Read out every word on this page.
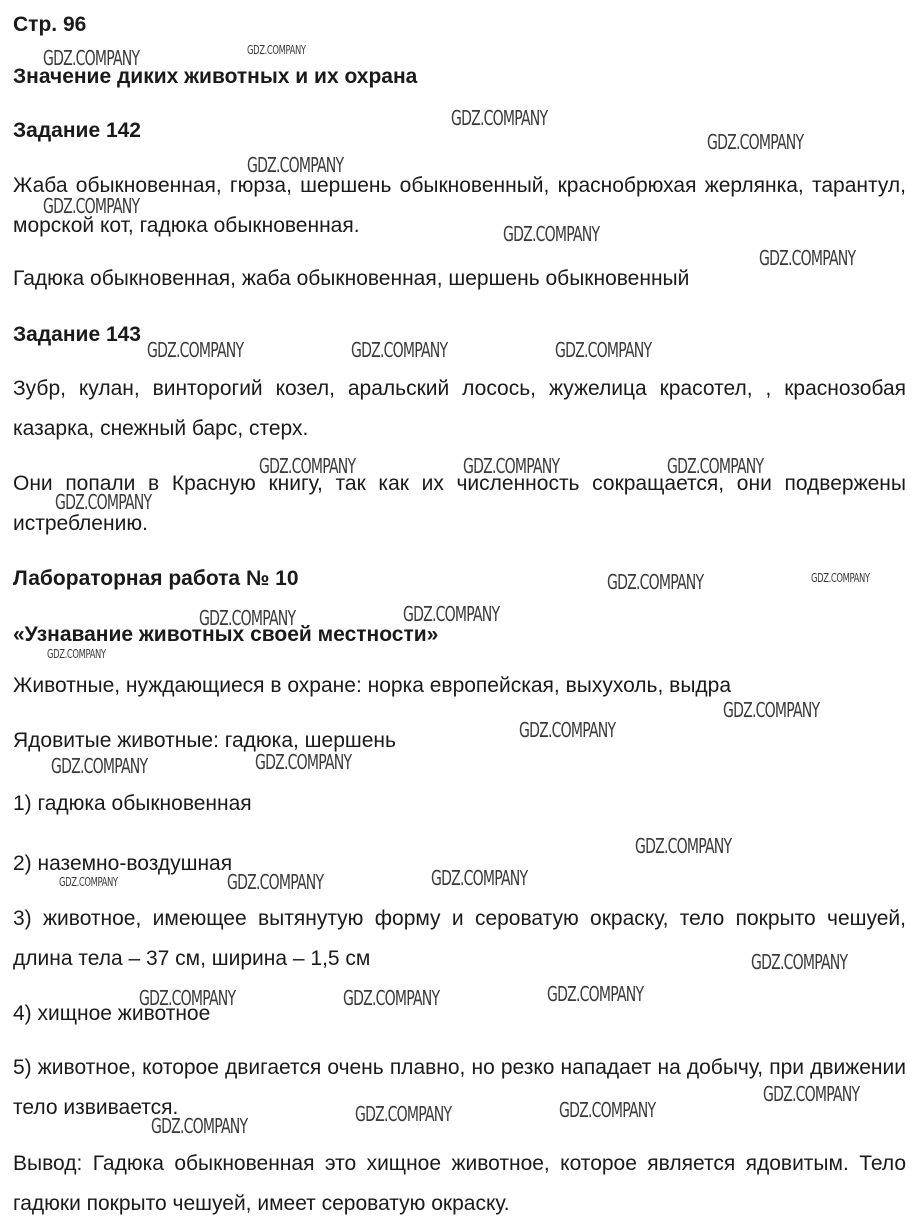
Стр. 96
Значение диких животных и их охрана
Задание 142

Жаба обыкновенная, гюрза, шершень обыкновенный, краснобрюхая жерлянка, тарантул, морской кот, гадюка обыкновенная.

Гадюка обыкновенная, жаба обыкновенная, шершень обыкновенный

Задание 143

Зубр, кулан, винторогий козел, аральский лосось, жужелица красотел, , краснозобая казарка, снежный барс, стерх.

Они попали в Красную книгу, так как их численность сокращается, они подвержены истреблению.

Лабораторная работа № 10
«Узнавание животных своей местности»

Животные, нуждающиеся в охране: норка европейская, выхухоль, выдра

Ядовитые животные: гадюка, шершень

1) гадюка обыкновенная

2) наземно-воздушная

3) животное, имеющее вытянутую форму и сероватую окраску, тело покрыто чешуей, длина тела – 37 см, ширина – 1,5 см

4) хищное животное

5) животное, которое двигается очень плавно, но резко нападает на добычу, при движении тело извивается.

Вывод: Гадюка обыкновенная это хищное животное, которое является ядовитым. Тело гадюки покрыто чешуей, имеет сероватую окраску.

GDZ.COMPANY	GDZ.COMPANY
GDZ.COMPANY
GDZ.COMPANY
GDZ.COMPANY
GDZ.COMPANY
GDZ.COMPANY
GDZ.COMPANY
GDZ.COMPANY	GDZ.COMPANY	GDZ.COMPANY
GDZ.COMPANY	GDZ.COMPANY	GDZ.COMPANY
GDZ.COMPANY
GDZ.COMPANY	GDZ.COMPANY
GDZ.COMPANY	GDZ.COMPANY
GDZ.COMPANY
GDZ.COMPANY
GDZ.COMPANY
GDZ.COMPANY	GDZ.COMPANY
GDZ.COMPANY
GDZ.COMPANY	GDZ.COMPANY	GDZ.COMPANY
GDZ.COMPANY
GDZ.COMPANY	GDZ.COMPANY	GDZ.COMPANY
GDZ.COMPANY
GDZ.COMPANY	GDZ.COMPANY
GDZ.COMPANY
